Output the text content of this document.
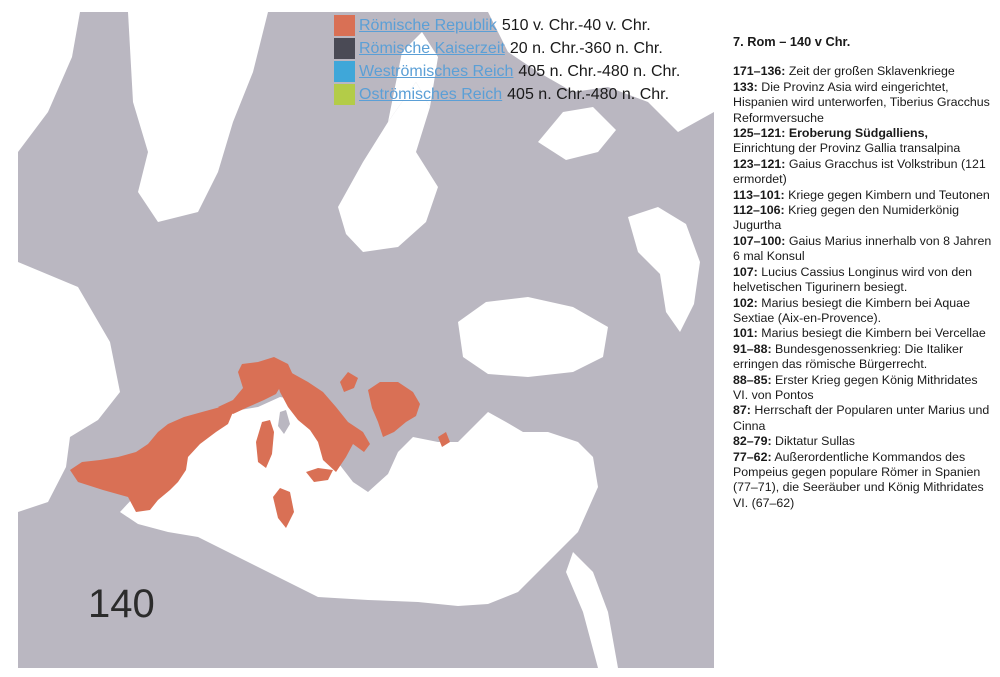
Römische Republik 510 v. Chr.-40 v. Chr.
Römische Kaiserzeit 20 n. Chr.-360 n. Chr.
Weströmisches Reich 405 n. Chr.-480 n. Chr.
Oströmisches Reich 405 n. Chr.-480 n. Chr.
140
7. Rom – 140 v Chr.
171–136: Zeit der großen Sklavenkriege
133: Die Provinz Asia wird eingerichtet, Hispanien wird unterworfen, Tiberius Gracchus Reformversuche
125–121: Eroberung Südgalliens,
Einrichtung der Provinz Gallia transalpina
123–121: Gaius Gracchus ist Volkstribun (121 ermordet)
113–101: Kriege gegen Kimbern und Teutonen
112–106: Krieg gegen den Numiderkönig Jugurtha
107–100: Gaius Marius innerhalb von 8 Jahren 6 mal Konsul
107: Lucius Cassius Longinus wird von den helvetischen Tigurinern besiegt.
102: Marius besiegt die Kimbern bei Aquae Sextiae (Aix-en-Provence).
101: Marius besiegt die Kimbern bei Vercellae
91–88: Bundesgenossenkrieg: Die Italiker erringen das römische Bürgerrecht.
88–85: Erster Krieg gegen König Mithridates VI. von Pontos
87: Herrschaft der Popularen unter Marius und Cinna
82–79: Diktatur Sullas
77–62: Außerordentliche Kommandos des Pompeius gegen populare Römer in Spanien (77–71), die Seeräuber und König Mithridates VI. (67–62)
